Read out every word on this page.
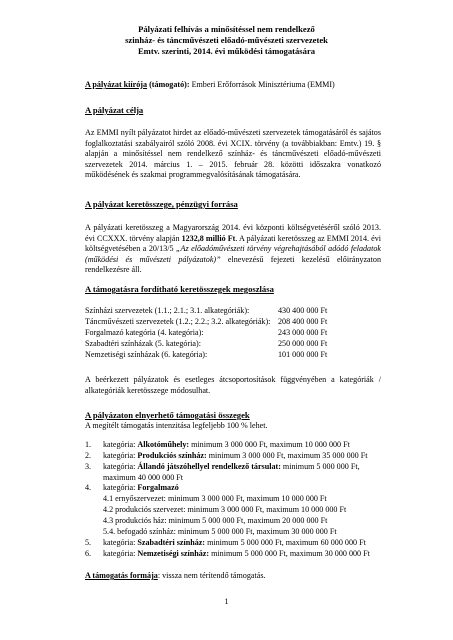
Pályázati felhívás a minősítéssel nem rendelkező
szinház- és táncművészeti előadó-művészeti szervezetek
Emtv. szerinti, 2014. évi működési támogatására
A pályázat kiírója (támogató): Emberi Erőforrások Minisztériuma (EMMI)
A pályázat célja
Az EMMI nyílt pályázatot hirdet az előadó-művészeti szervezetek támogatásáról és sajátos foglalkoztatási szabályairól szóló 2008. évi XCIX. törvény (a továbbiakban: Emtv.) 19. § alapján a minősítéssel nem rendelkező színház- és táncművészeti előadó-művészeti szervezetek 2014. március 1. – 2015. február 28. közötti időszakra vonatkozó működésének és szakmai programmegvalósításának támogatására.
A pályázat keretösszege, pénzügyi forrása
A pályázati keretösszeg a Magyarország 2014. évi központi költségvetéséről szóló 2013. évi CCXXX. törvény alapján 1232,8 millió Ft. A pályázati keretösszeg az EMMI 2014. évi költségvetésében a 20/13/5 „Az előadóművészeti törvény végrehajtásából adódó feladatok (működési és művészeti pályázatok)” elnevezésű fejezeti kezelésű előirányzaton rendelkezésre áll.
A támogatásra fordítható keretösszegek megoszlása
Színházi szervezetek (1.1.; 2.1.; 3.1. alkategóriák):	430 400 000 Ft
Táncművészeti szervezetek (1.2.; 2.2.; 3.2. alkategóriák): 208 400 000 Ft
Forgalmazó kategória (4. kategória):	243 000 000 Ft
Szabadtéri színházak (5. kategória):	250 000 000 Ft
Nemzetiségi színházak (6. kategória):	101 000 000 Ft
A beérkezett pályázatok és esetleges átcsoportosítások függvényében a kategóriák / alkategóriák keretösszege módosulhat.
A pályázaton elnyerhető támogatási összegek
A megítélt támogatás intenzitása legfeljebb 100 % lehet.
1. kategória: Alkotóműhely: minimum 3 000 000 Ft, maximum 10 000 000 Ft
2. kategória: Produkciós színház: minimum 3 000 000 Ft, maximum 35 000 000 Ft
3. kategória: Állandó játszóhellyel rendelkező társulat: minimum 5 000 000 Ft, maximum 40 000 000 Ft
4. kategória: Forgalmazó
4.1 ernyőszervezet: minimum 3 000 000 Ft, maximum 10 000 000 Ft
4.2 produkciós szervezet: minimum 3 000 000 Ft, maximum 10 000 000 Ft
4.3 produkciós ház: minimum 5 000 000 Ft, maximum 20 000 000 Ft
5.4. befogadó színház: minimum 5 000 000 Ft, maximum 30 000 000 Ft
5. kategória: Szabadtéri színház: minimum 5 000 000 Ft, maximum 60 000 000 Ft
6. kategória: Nemzetiségi színház: minimum 5 000 000 Ft, maximum 30 000 000 Ft
A támogatás formája: vissza nem térítendő támogatás.
1
